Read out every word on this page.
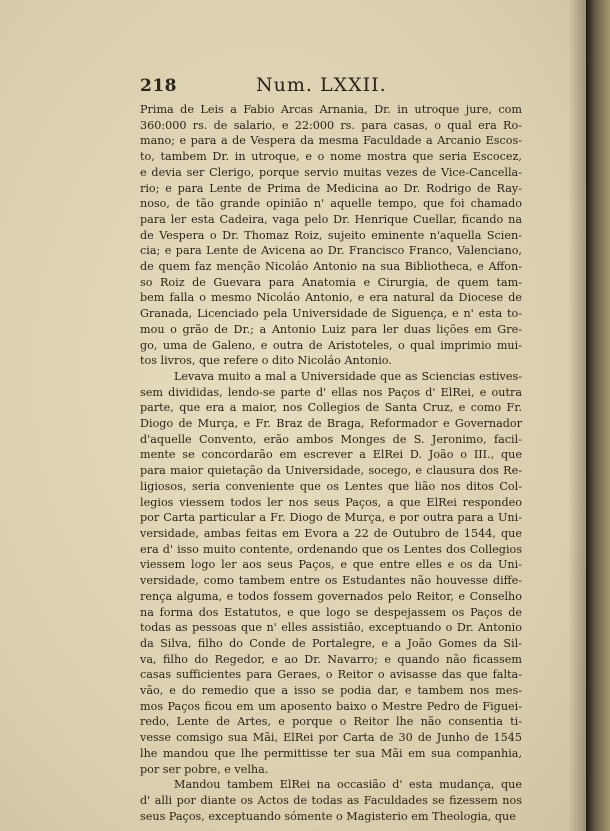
218	Num. LXXII.
Prima de Leis a Fabio Arcas Arnania, Dr. in utroque jure, com
360:000 rs. de salario, e 22:000 rs. para casas, o qual era Ro-
mano; e para a de Vespera da mesma Faculdade a Arcanio Escos-
to, tambem Dr. in utroque, e o nome mostra que seria Escocez,
e devia ser Clerigo, porque servio muitas vezes de Vice-Cancella-
rio; e para Lente de Prima de Medicina ao Dr. Rodrigo de Ray-
noso, de tão grande opinião n' aquelle tempo, que foi chamado
para ler esta Cadeira, vaga pelo Dr. Henrique Cuellar, ficando na
de Vespera o Dr. Thomaz Roiz, sujeito eminente n'aquella Scien-
cia; e para Lente de Avicena ao Dr. Francisco Franco, Valenciano,
de quem faz menção Nicoláo Antonio na sua Bibliotheca, e Affon-
so Roiz de Guevara para Anatomia e Cirurgia, de quem tam-
bem falla o mesmo Nicoláo Antonio, e era natural da Diocese de
Granada, Licenciado pela Universidade de Siguença, e n' esta to-
mou o grão de Dr.; a Antonio Luiz para ler duas lições em Gre-
go, uma de Galeno, e outra de Aristoteles, o qual imprimio mui-
tos livros, que refere o dito Nicoláo Antonio.
Levava muito a mal a Universidade que as Sciencias estives-
sem divididas, lendo-se parte d' ellas nos Paços d' ElRei, e outra
parte, que era a maior, nos Collegios de Santa Cruz, e como Fr.
Diogo de Murça, e Fr. Braz de Braga, Reformador e Governador
d'aquelle Convento, erão ambos Monges de S. Jeronimo, facil-
mente se concordarão em escrever a ElRei D. João o III., que
para maior quietação da Universidade, socego, e clausura dos Re-
ligiosos, seria conveniente que os Lentes que lião nos ditos Col-
legios viessem todos ler nos seus Paços, a que ElRei respondeo
por Carta particular a Fr. Diogo de Murça, e por outra para a Uni-
versidade, ambas feitas em Evora a 22 de Outubro de 1544, que
era d' isso muito contente, ordenando que os Lentes dos Collegios
viessem logo ler aos seus Paços, e que entre elles e os da Uni-
versidade, como tambem entre os Estudantes não houvesse diffe-
rença alguma, e todos fossem governados pelo Reitor, e Conselho
na forma dos Estatutos, e que logo se despejassem os Paços de
todas as pessoas que n' elles assistião, exceptuando o Dr. Antonio
da Silva, filho do Conde de Portalegre, e a João Gomes da Sil-
va, filho do Regedor, e ao Dr. Navarro; e quando não ficassem
casas sufficientes para Geraes, o Reitor o avisasse das que falta-
vão, e do remedio que a isso se podia dar, e tambem nos mes-
mos Paços ficou em um aposento baixo o Mestre Pedro de Figuei-
redo, Lente de Artes, e porque o Reitor lhe não consentia ti-
vesse comsigo sua Mãi, ElRei por Carta de 30 de Junho de 1545
lhe mandou que lhe permittisse ter sua Mãi em sua companhia,
por ser pobre, e velha.
Mandou tambem ElRei na occasião d' esta mudança, que
d' alli por diante os Actos de todas as Faculdades se fizessem nos
seus Paços, exceptuando sómente o Magisterio em Theologia, que
